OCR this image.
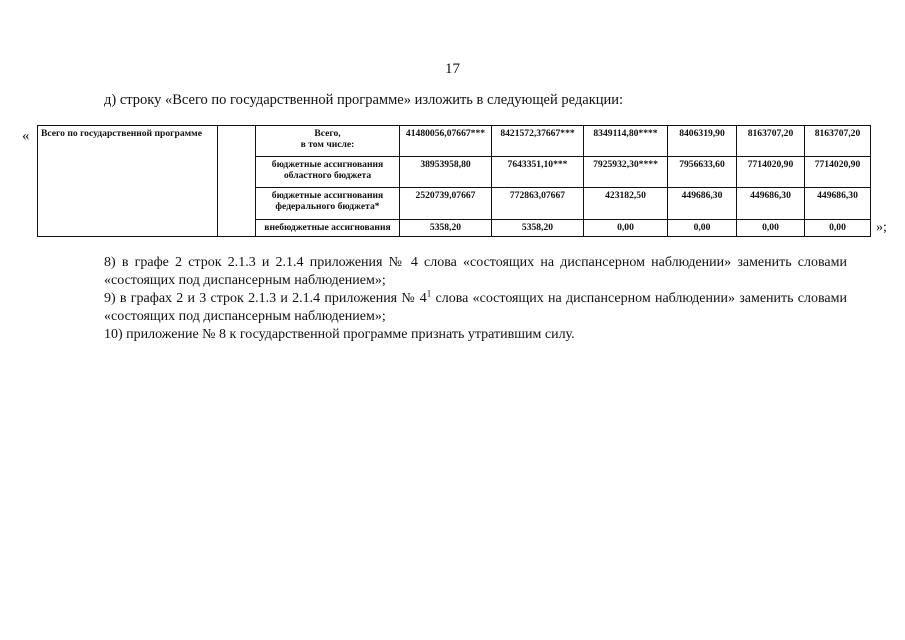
17
д) строку «Всего по государственной программе» изложить в следующей редакции:
« Всего по государственной программе		Всего,
в том числе:	41480056,07667***	8421572,37667***	8349114,80****	8406319,90	8163707,20	8163707,20
		бюджетные ассигнования областного бюджета	38953958,80	7643351,10***	7925932,30****	7956633,60	7714020,90	7714020,90
		бюджетные ассигнования федерального бюджета*	2520739,07667	772863,07667	423182,50	449686,30	449686,30	449686,30
		внебюджетные ассигнования	5358,20	5358,20	0,00	0,00	0,00	0,00 »;
8) в графе 2 строк 2.1.3 и 2.1.4 приложения № 4 слова «состоящих на диспансерном наблюдении» заменить словами «состоящих под диспансерным наблюдением»;
9) в графах 2 и 3 строк 2.1.3 и 2.1.4 приложения № $4^1$ слова «состоящих на диспансерном наблюдении» заменить словами «состоящих под диспансерным наблюдением»;
10) приложение № 8 к государственной программе признать утратившим силу.
